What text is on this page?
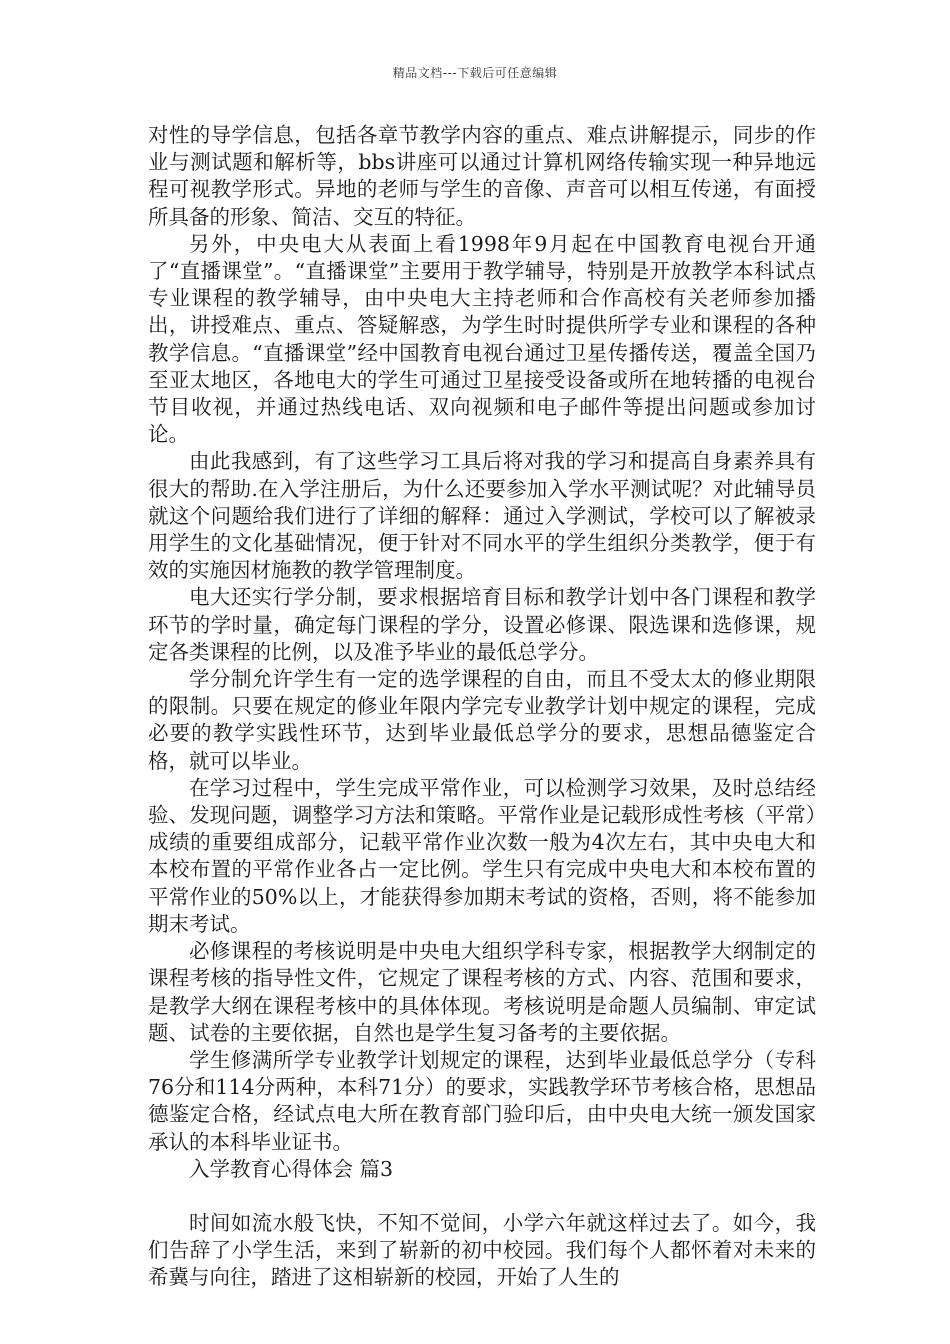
精品文档---下载后可任意编辑

对性的导学信息，包括各章节教学内容的重点、难点讲解提示，同步的作业与测试题和解析等，bbs讲座可以通过计算机网络传输实现一种异地远程可视教学形式。异地的老师与学生的音像、声音可以相互传递，有面授所具备的形象、简洁、交互的特征。

另外，中央电大从表面上看1998年9月起在中国教育电视台开通了“直播课堂”。“直播课堂”主要用于教学辅导，特别是开放教学本科试点专业课程的教学辅导，由中央电大主持老师和合作高校有关老师参加播出，讲授难点、重点、答疑解惑，为学生时时提供所学专业和课程的各种教学信息。“直播课堂”经中国教育电视台通过卫星传播传送，覆盖全国乃至亚太地区，各地电大的学生可通过卫星接受设备或所在地转播的电视台节目收视，并通过热线电话、双向视频和电子邮件等提出问题或参加讨论。

由此我感到，有了这些学习工具后将对我的学习和提高自身素养具有很大的帮助.在入学注册后，为什么还要参加入学水平测试呢？对此辅导员就这个问题给我们进行了详细的解释：通过入学测试，学校可以了解被录用学生的文化基础情况，便于针对不同水平的学生组织分类教学，便于有效的实施因材施教的教学管理制度。

电大还实行学分制，要求根据培育目标和教学计划中各门课程和教学环节的学时量，确定每门课程的学分，设置必修课、限选课和选修课，规定各类课程的比例，以及准予毕业的最低总学分。

学分制允许学生有一定的选学课程的自由，而且不受太太的修业期限的限制。只要在规定的修业年限内学完专业教学计划中规定的课程，完成必要的教学实践性环节，达到毕业最低总学分的要求，思想品德鉴定合格，就可以毕业。

在学习过程中，学生完成平常作业，可以检测学习效果，及时总结经验、发现问题，调整学习方法和策略。平常作业是记载形成性考核（平常）成绩的重要组成部分，记载平常作业次数一般为4次左右，其中央电大和本校布置的平常作业各占一定比例。学生只有完成中央电大和本校布置的平常作业的50%以上，才能获得参加期末考试的资格，否则，将不能参加期末考试。

必修课程的考核说明是中央电大组织学科专家，根据教学大纲制定的课程考核的指导性文件，它规定了课程考核的方式、内容、范围和要求，是教学大纲在课程考核中的具体体现。考核说明是命题人员编制、审定试题、试卷的主要依据，自然也是学生复习备考的主要依据。

学生修满所学专业教学计划规定的课程，达到毕业最低总学分（专科76分和114分两种，本科71分）的要求，实践教学环节考核合格，思想品德鉴定合格，经试点电大所在教育部门验印后，由中央电大统一颁发国家承认的本科毕业证书。

入学教育心得体会 篇3

时间如流水般飞快，不知不觉间，小学六年就这样过去了。如今，我们告辞了小学生活，来到了崭新的初中校园。我们每个人都怀着对未来的希冀与向往，踏进了这相崭新的校园，开始了人生的
